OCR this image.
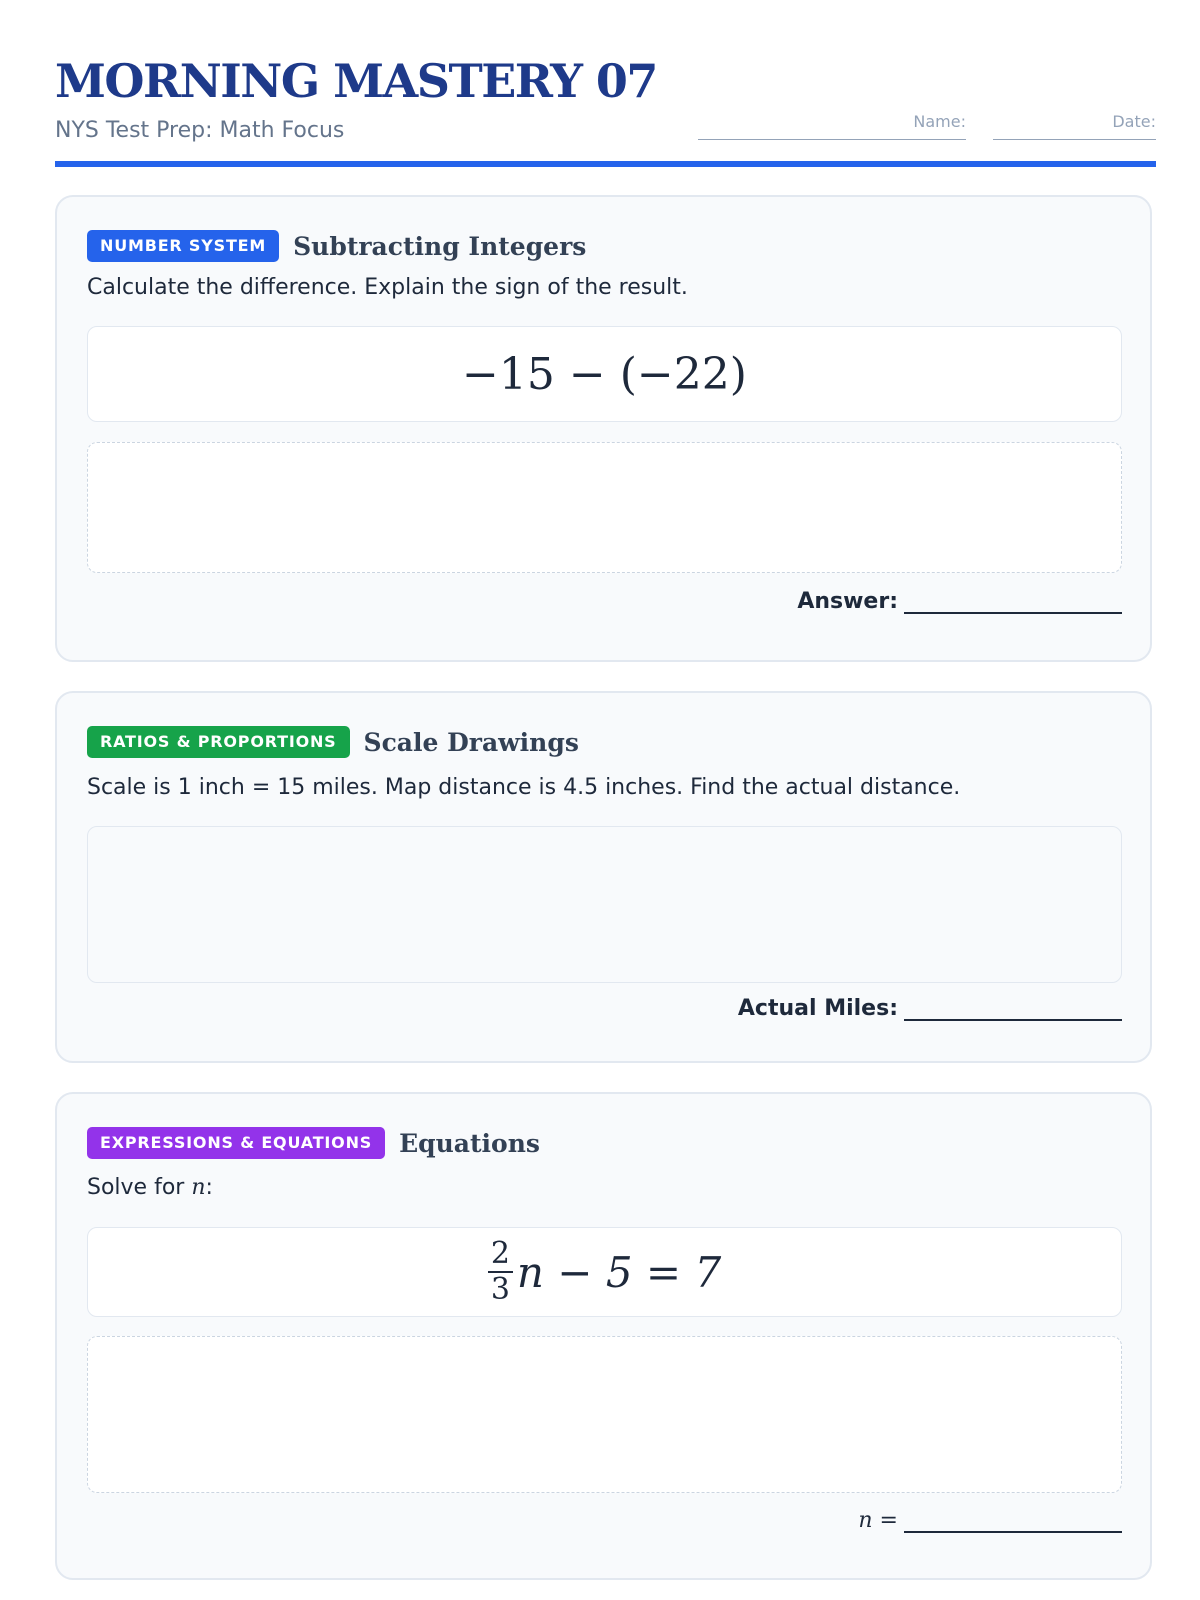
MORNING MASTERY 07
NYS Test Prep: Math Focus	Name:	Date:
NUMBER SYSTEM	Subtracting Integers
Calculate the difference. Explain the sign of the result.
−15 − (−22)
Answer:
RATIOS & PROPORTIONS	Scale Drawings
Scale is 1 inch = 15 miles. Map distance is 4.5 inches. Find the actual distance.
Actual Miles:
EXPRESSIONS & EQUATIONS	Equations
Solve for n:
$\frac{2}{3}$ n − 5 = 7
n =
